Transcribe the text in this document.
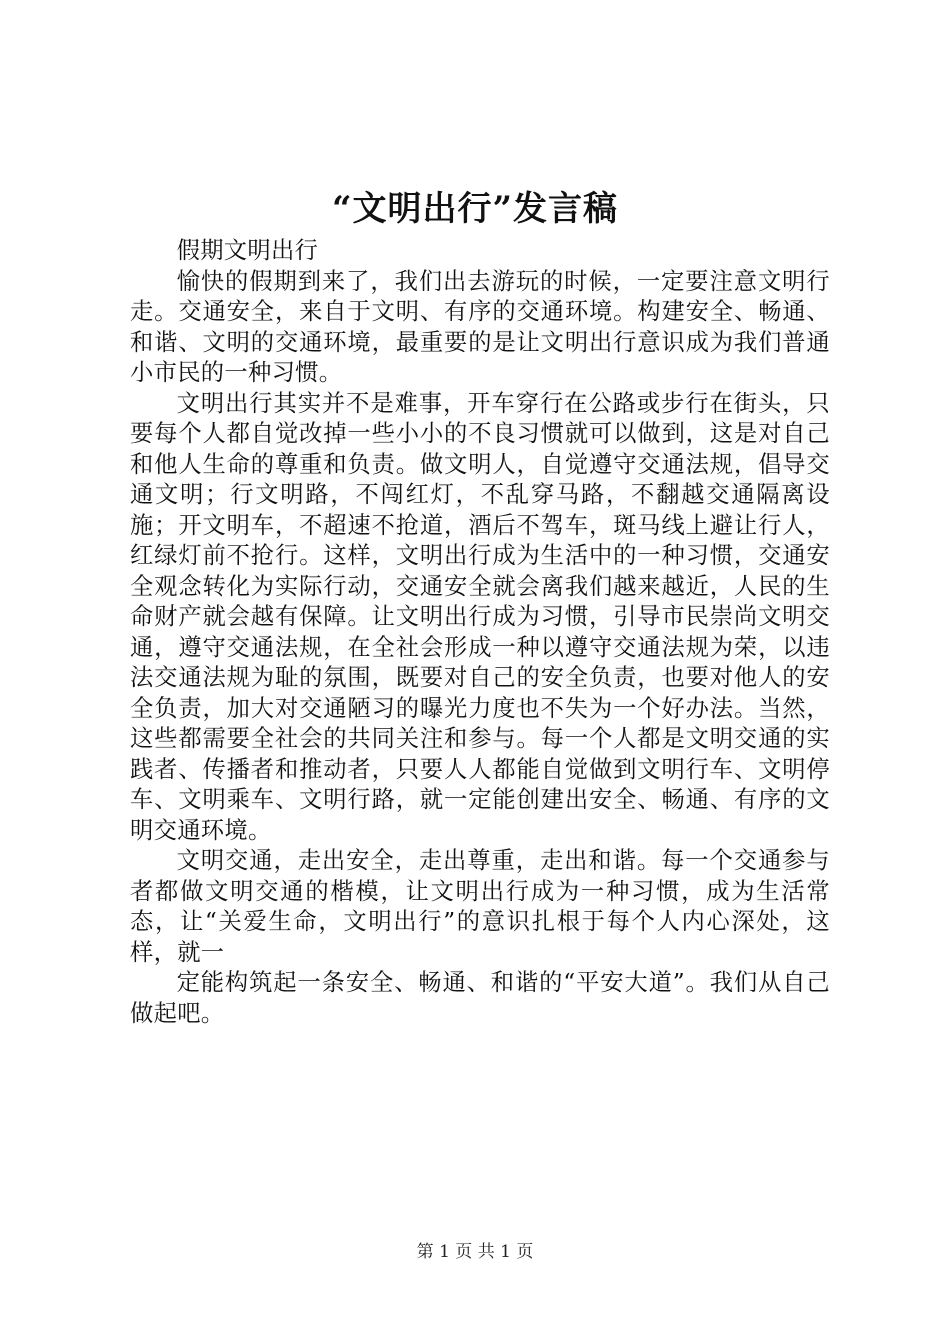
“文明出行”发言稿

假期文明出行

愉快的假期到来了，我们出去游玩的时候，一定要注意文明行走。交通安全，来自于文明、有序的交通环境。构建安全、畅通、和谐、文明的交通环境，最重要的是让文明出行意识成为我们普通小市民的一种习惯。

文明出行其实并不是难事，开车穿行在公路或步行在街头，只要每个人都自觉改掉一些小小的不良习惯就可以做到，这是对自己和他人生命的尊重和负责。做文明人，自觉遵守交通法规，倡导交通文明；行文明路，不闯红灯，不乱穿马路，不翻越交通隔离设施；开文明车，不超速不抢道，酒后不驾车，斑马线上避让行人，红绿灯前不抢行。这样，文明出行成为生活中的一种习惯，交通安全观念转化为实际行动，交通安全就会离我们越来越近，人民的生命财产就会越有保障。让文明出行成为习惯，引导市民崇尚文明交通，遵守交通法规，在全社会形成一种以遵守交通法规为荣，以违法交通法规为耻的氛围，既要对自己的安全负责，也要对他人的安全负责，加大对交通陋习的曝光力度也不失为一个好办法。当然，这些都需要全社会的共同关注和参与。每一个人都是文明交通的实践者、传播者和推动者，只要人人都能自觉做到文明行车、文明停车、文明乘车、文明行路，就一定能创建出安全、畅通、有序的文明交通环境。

文明交通，走出安全，走出尊重，走出和谐。每一个交通参与者都做文明交通的楷模，让文明出行成为一种习惯，成为生活常态，让“关爱生命，文明出行”的意识扎根于每个人内心深处，这样，就一

定能构筑起一条安全、畅通、和谐的“平安大道”。我们从自己做起吧。

第 1 页 共 1 页
